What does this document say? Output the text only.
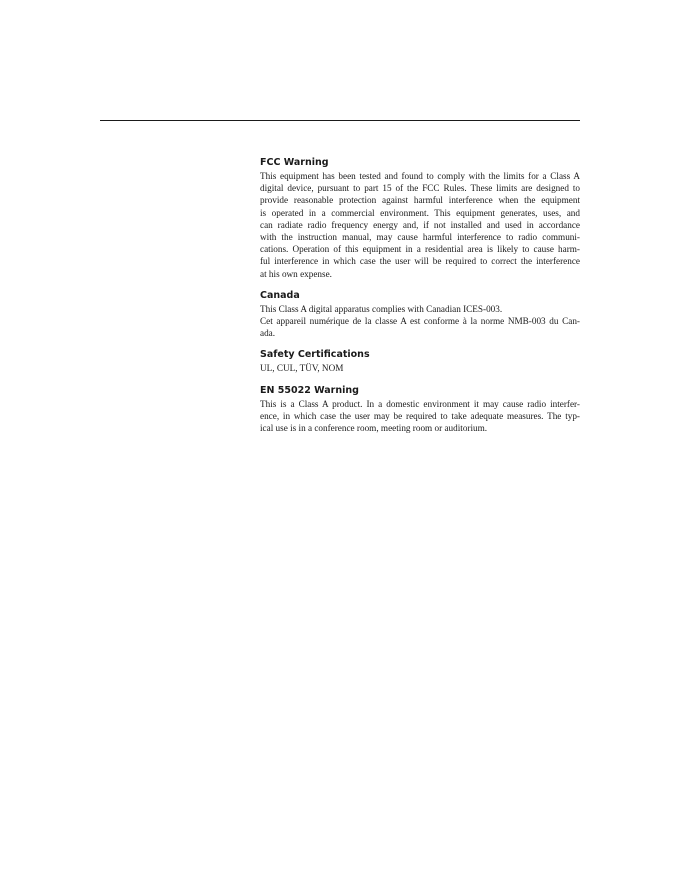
FCC Warning
This equipment has been tested and found to comply with the limits for a Class A
digital device, pursuant to part 15 of the FCC Rules. These limits are designed to
provide reasonable protection against harmful interference when the equipment
is operated in a commercial environment. This equipment generates, uses, and
can radiate radio frequency energy and, if not installed and used in accordance
with the instruction manual, may cause harmful interference to radio communi-
cations. Operation of this equipment in a residential area is likely to cause harm-
ful interference in which case the user will be required to correct the interference
at his own expense.
Canada
This Class A digital apparatus complies with Canadian ICES-003.
Cet appareil numérique de la classe A est conforme à la norme NMB-003 du Can-
ada.
Safety Certifications
UL, CUL, TÜV, NOM
EN 55022 Warning
This is a Class A product. In a domestic environment it may cause radio interfer-
ence, in which case the user may be required to take adequate measures. The typ-
ical use is in a conference room, meeting room or auditorium.
